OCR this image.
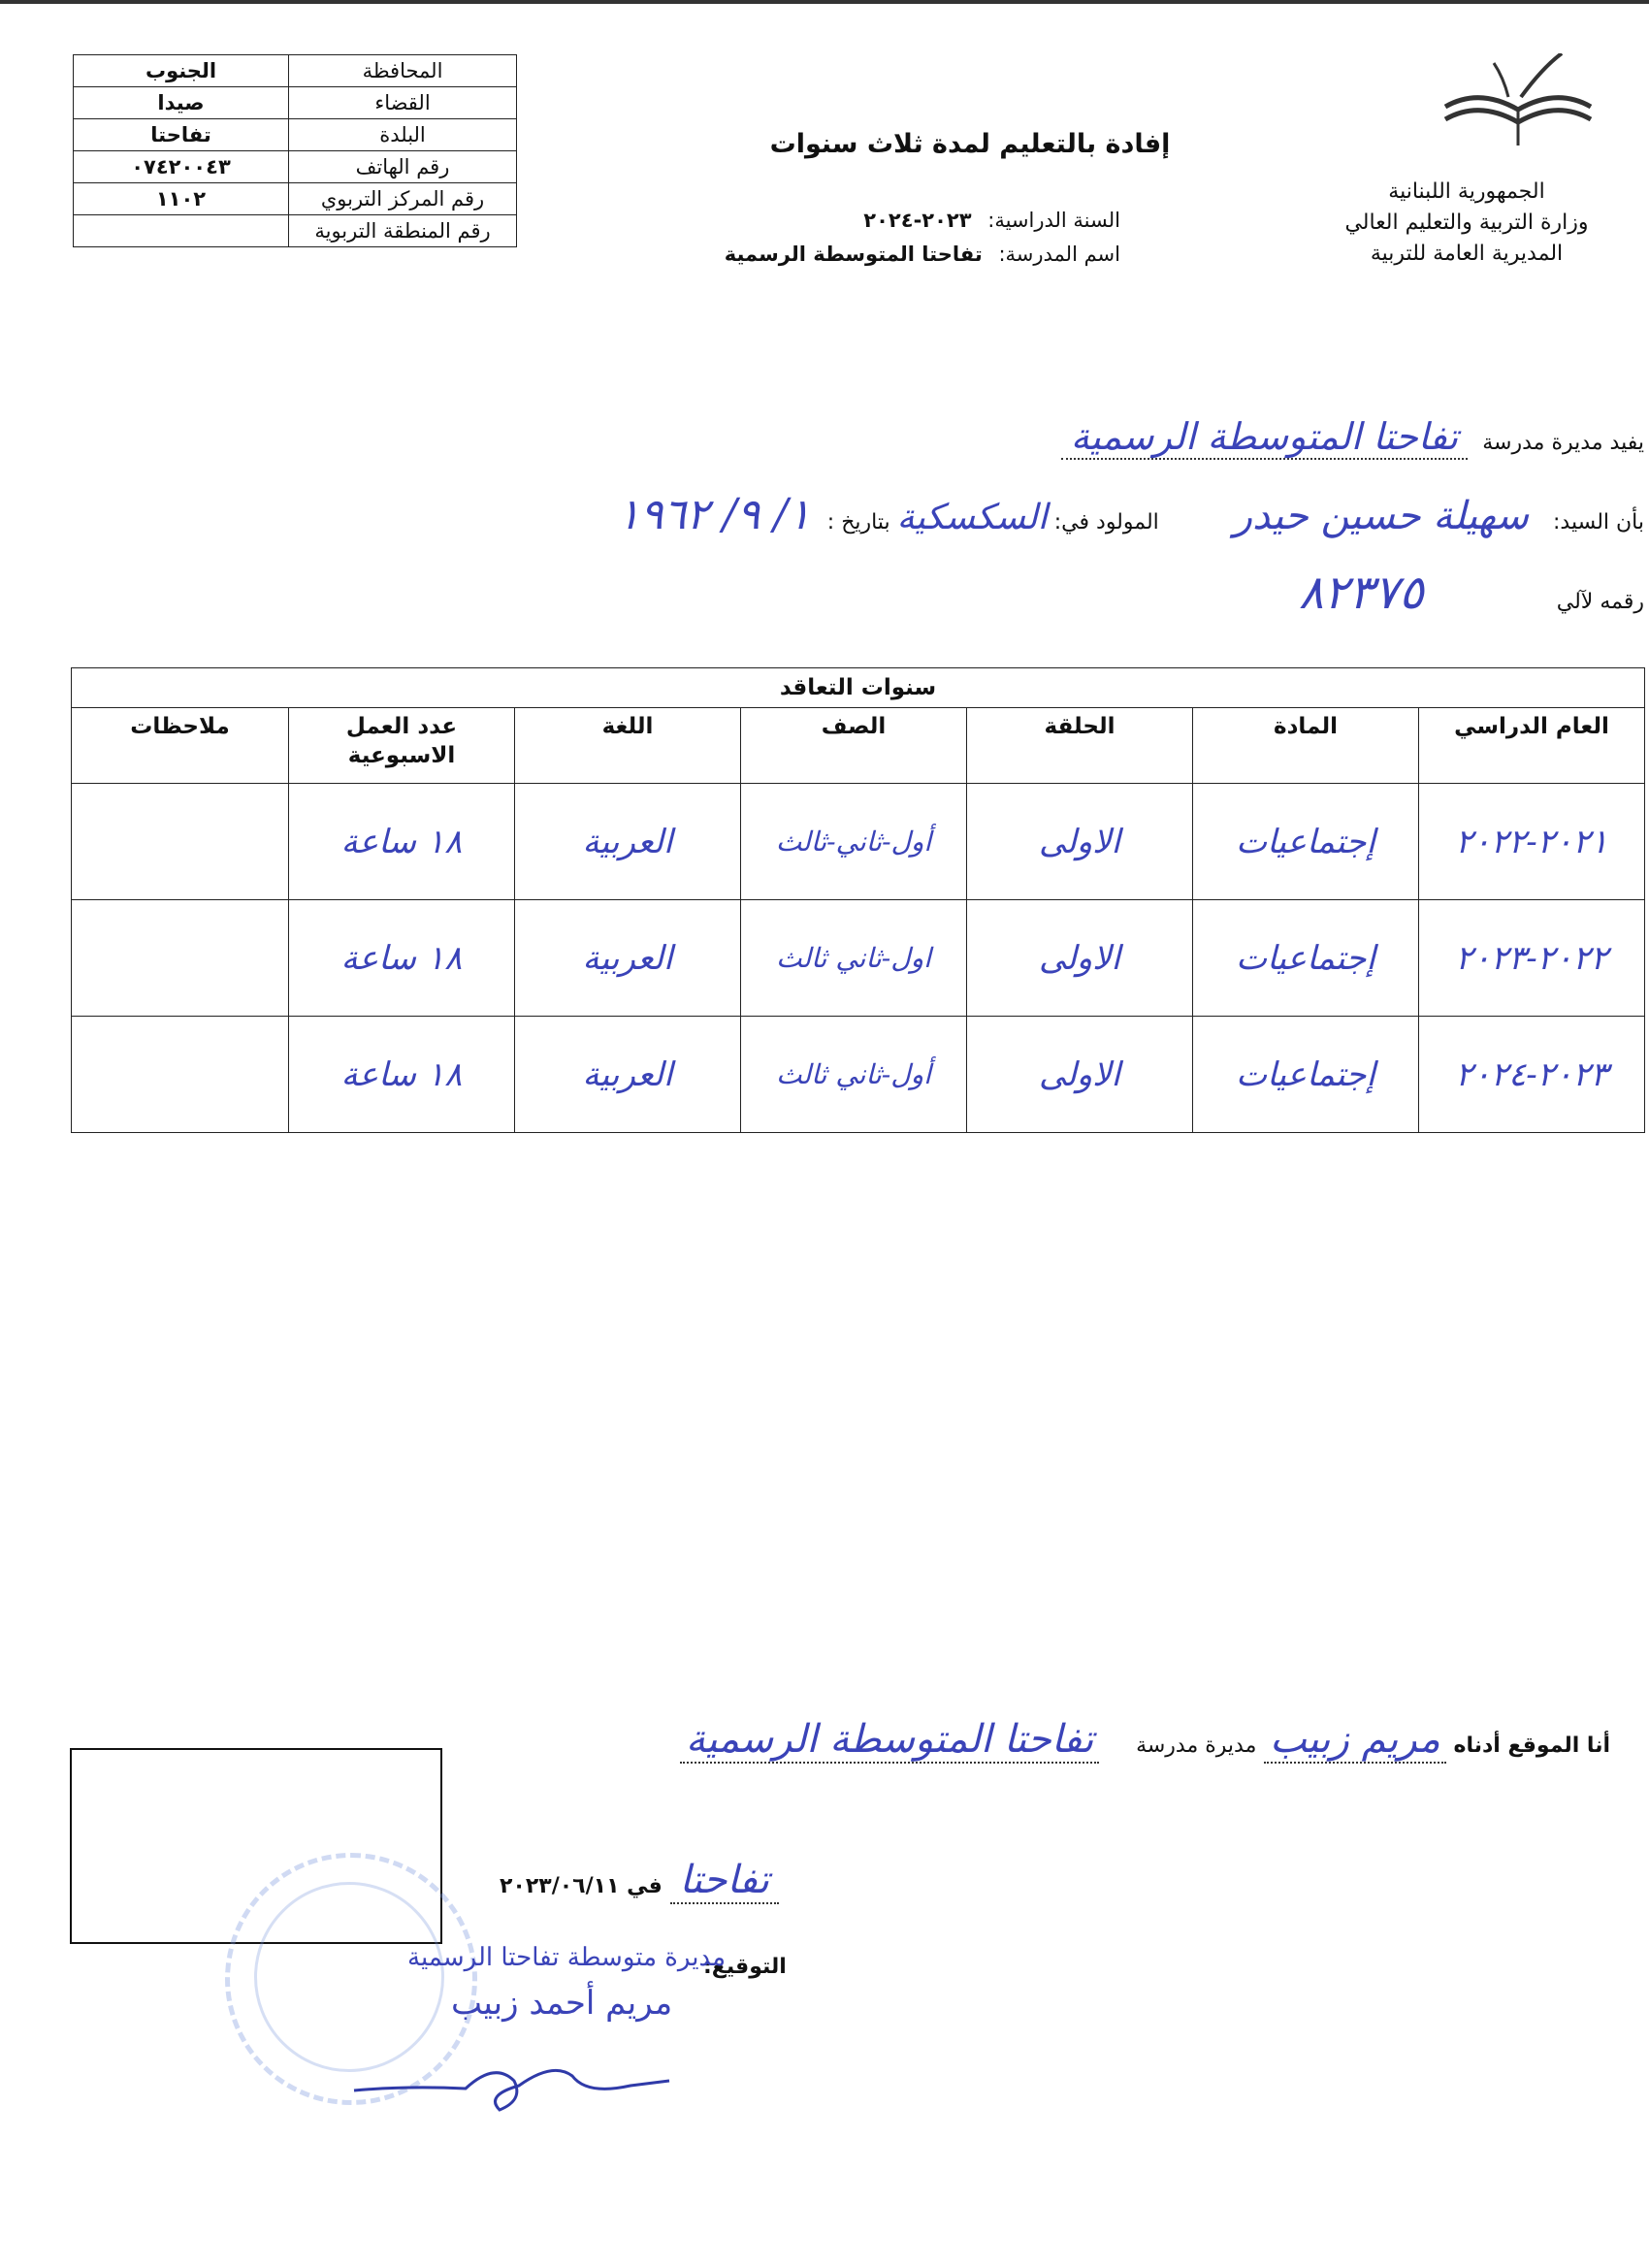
المحافظة	الجنوب
القضاء	صيدا
البلدة	تفاحتا
رقم الهاتف	٠٧٤٢٠٠٤٣
رقم المركز التربوي	١١٠٢
رقم المنطقة التربوية	
إفادة بالتعليم لمدة ثلاث سنوات
السنة الدراسية: ٢٠٢٣-٢٠٢٤
اسم المدرسة: تفاحتا المتوسطة الرسمية
الجمهورية اللبنانية
وزارة التربية والتعليم العالي
المديرية العامة للتربية
يفيد مديرة مدرسة تفاحتا المتوسطة الرسمية
بأن السيد: سهيلة حسين حيدر المولود في: السكسكية بتاريخ : ١/ ٩/ ١٩٦٢
رقمه لآلي ٨٢٣٧٥
سنوات التعاقد						
العام الدراسي	المادة	الحلقة	الصف	اللغة	عدد العمل الاسبوعية	ملاحظات
٢٠٢١-٢٠٢٢	إجتماعيات	الاولى	أول-ثاني-ثالث	العربية	١٨ ساعة	
٢٠٢٢-٢٠٢٣	إجتماعيات	الاولى	اول-ثاني ثالث	العربية	١٨ ساعة	
٢٠٢٣-٢٠٢٤	إجتماعيات	الاولى	أول-ثاني ثالث	العربية	١٨ ساعة	
أنا الموقع أدناه مريم زبيب مديرة مدرسة تفاحتا المتوسطة الرسمية
تفاحتا في ٢٠٢٣/٠٦/١١
التوقيع:
مديرة متوسطة تفاحتا الرسمية
مريم أحمد زبيب
